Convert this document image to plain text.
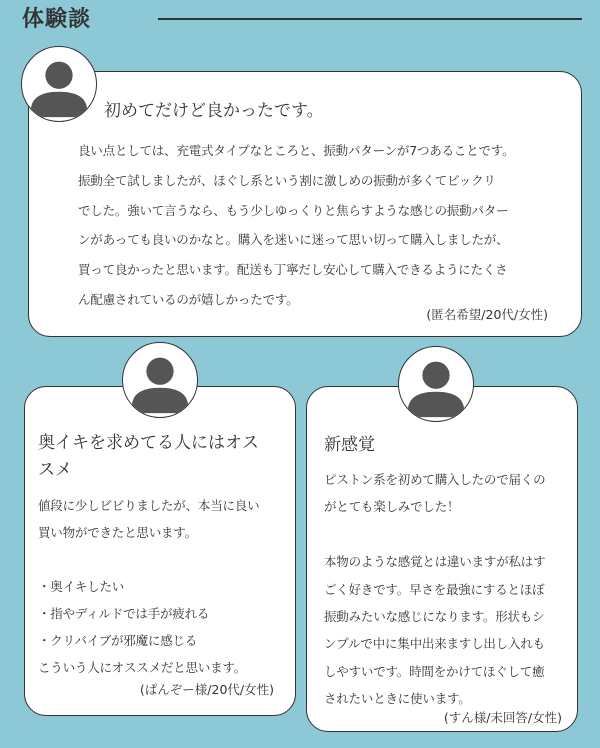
体験談
初めてだけど良かったです。

良い点としては、充電式タイプなところと、振動パターンが7つあることです。

振動全て試しましたが、ほぐし系という割に激しめの振動が多くてビックリ

でした。強いて言うなら、もう少しゆっくりと焦らすような感じの振動パター

ンがあっても良いのかなと。購入を迷いに迷って思い切って購入しましたが、

買って良かったと思います。配送も丁寧だし安心して購入できるようにたくさ

ん配慮されているのが嬉しかったです。

(匿名希望/20代/女性)
奥イキを求めてる人にはオス
スメ

値段に少しビビりましたが、本当に良い

買い物ができたと思います。

・奥イキしたい

・指やディルドでは手が疲れる

・クリバイブが邪魔に感じる

こういう人にオススメだと思います。

(ぱんぞー様/20代/女性)
新感覚

ピストン系を初めて購入したので届くの

がとても楽しみでした！

本物のような感覚とは違いますが私はす

ごく好きです。早さを最強にするとほぼ

振動みたいな感じになります。形状もシ

ンプルで中に集中出来ますし出し入れも

しやすいです。時間をかけてほぐして癒

されたいときに使います。

(すん様/未回答/女性)
